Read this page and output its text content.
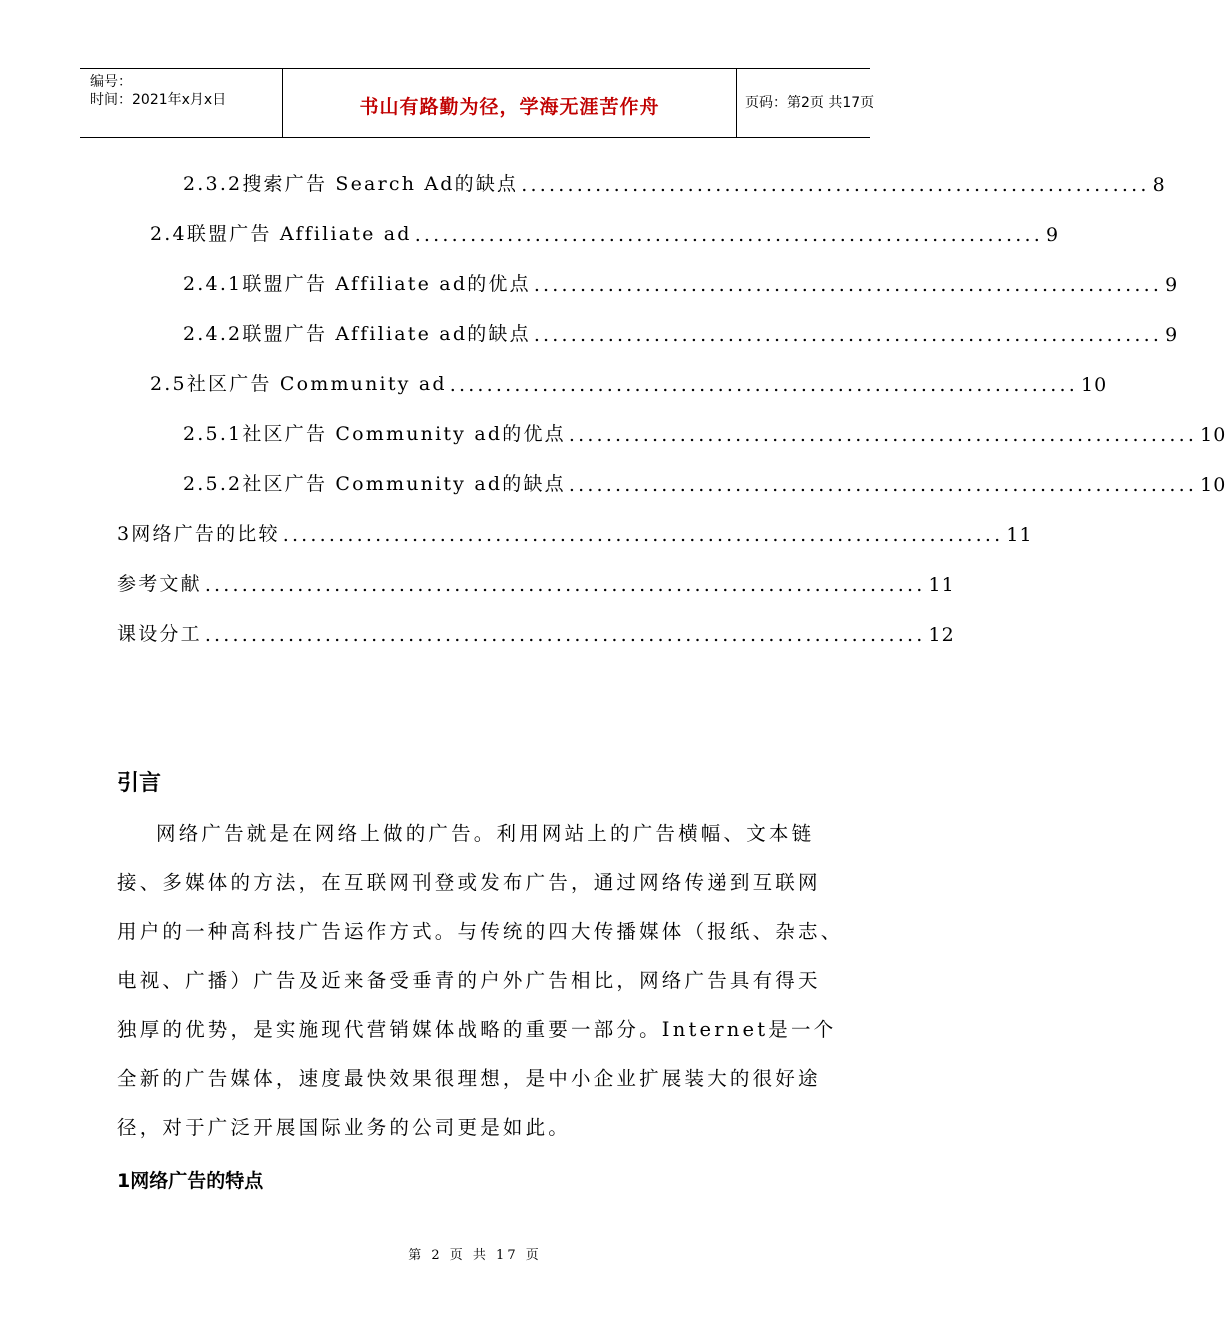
编号：
时间：2021年x月x日	书山有路勤为径，学海无涯苦作舟	页码：第2页 共17页
2.3.2搜索广告 Search Ad的缺点 .................................................................... 8
2.4联盟广告 Affiliate ad .................................................................... 9
2.4.1联盟广告 Affiliate ad的优点 .................................................................... 9
2.4.2联盟广告 Affiliate ad的缺点 .................................................................... 9
2.5社区广告 Community ad .................................................................... 10
2.5.1社区广告 Community ad的优点 .................................................................... 10
2.5.2社区广告 Community ad的缺点 .................................................................... 10
3网络广告的比较 .............................................................................. 11
参考文献 .............................................................................. 11
课设分工 .............................................................................. 12
引言
网络广告就是在网络上做的广告。利用网站上的广告横幅、文本链
接、多媒体的方法，在互联网刊登或发布广告，通过网络传递到互联网
用户的一种高科技广告运作方式。与传统的四大传播媒体（报纸、杂志、
电视、广播）广告及近来备受垂青的户外广告相比，网络广告具有得天
独厚的优势，是实施现代营销媒体战略的重要一部分。Internet是一个
全新的广告媒体，速度最快效果很理想，是中小企业扩展装大的很好途
径，对于广泛开展国际业务的公司更是如此。
1网络广告的特点
第 2 页 共 17 页
